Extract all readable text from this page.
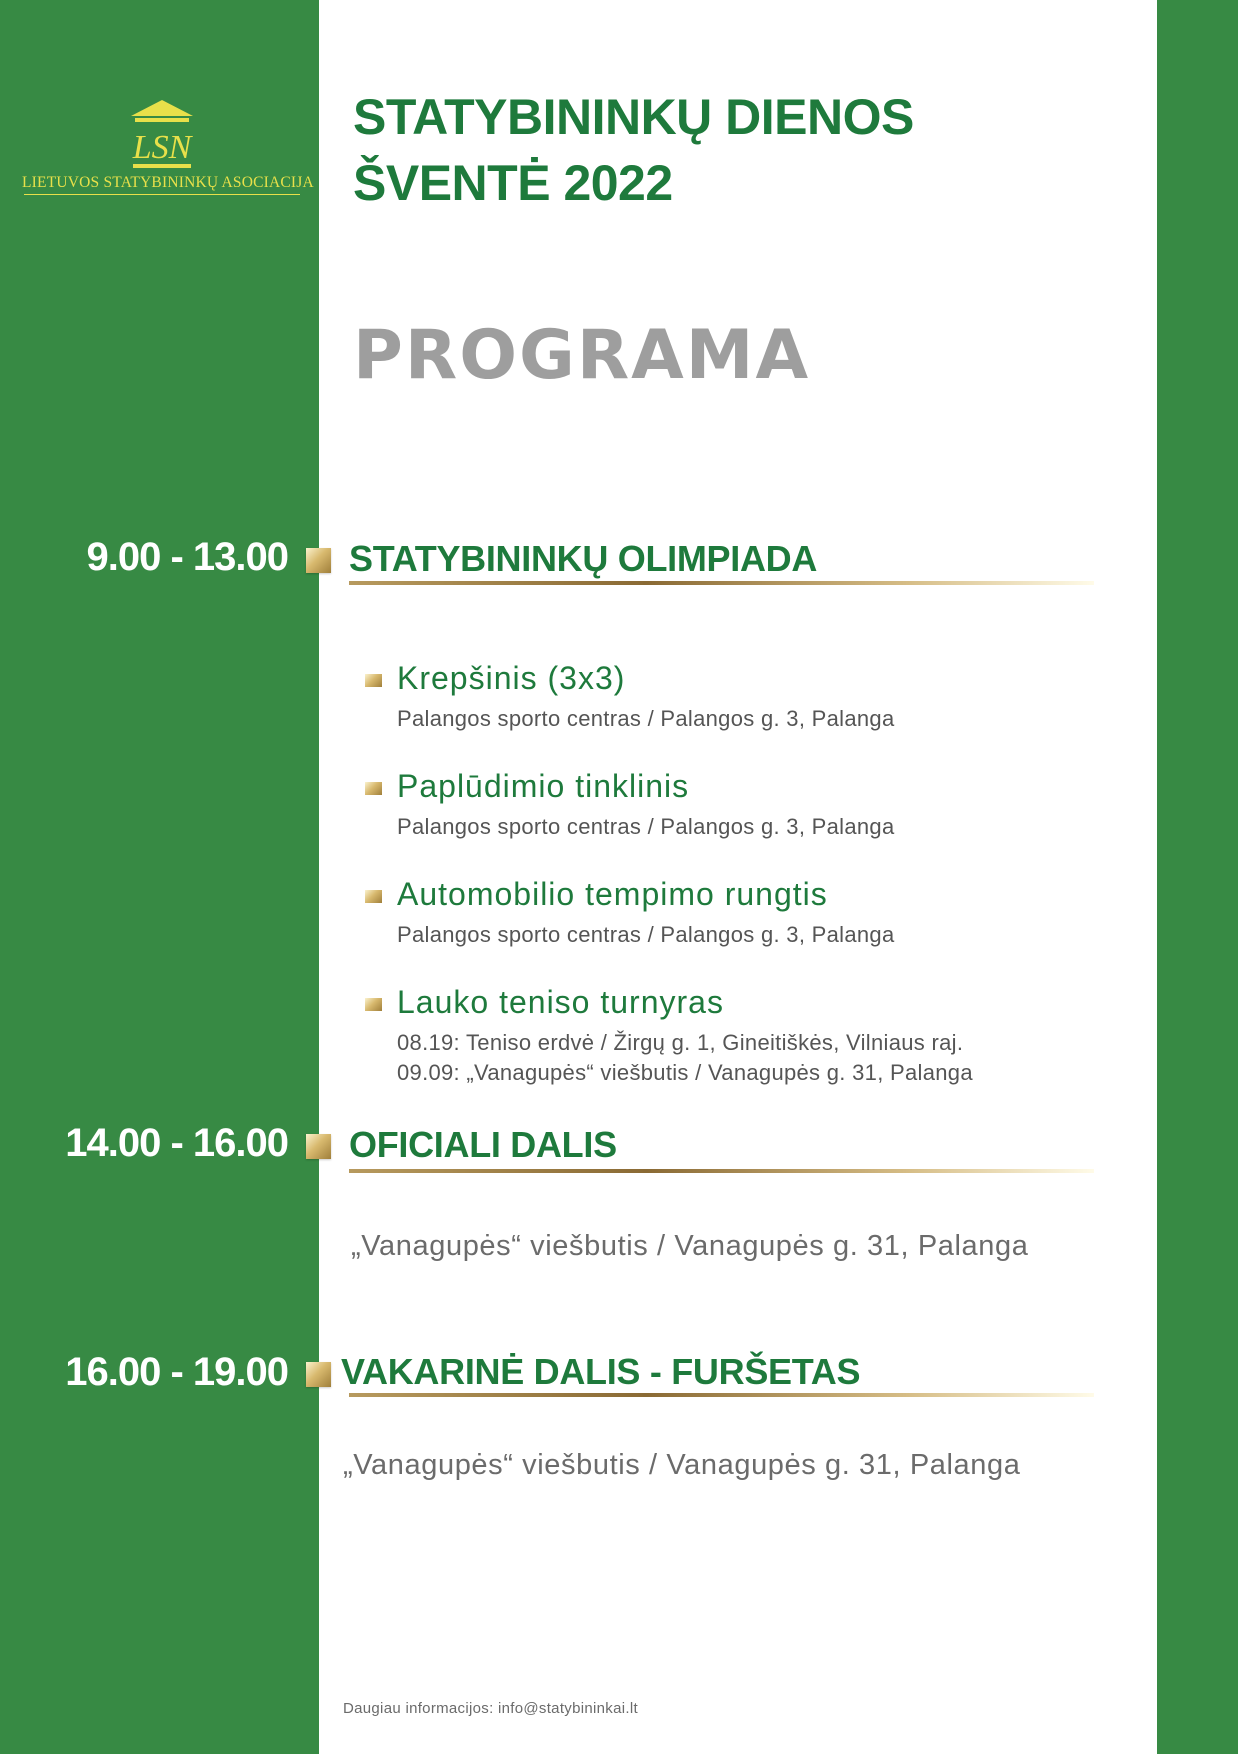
LSN
LIETUVOS STATYBININKŲ ASOCIACIJA
STATYBININKŲ DIENOS
ŠVENTĖ 2022
PROGRAMA
9.00 - 13.00 STATYBININKŲ OLIMPIADA
Krepšinis (3x3)
Palangos sporto centras / Palangos g. 3, Palanga
Paplūdimio tinklinis
Palangos sporto centras / Palangos g. 3, Palanga
Automobilio tempimo rungtis
Palangos sporto centras / Palangos g. 3, Palanga
Lauko teniso turnyras
08.19: Teniso erdvė / Žirgų g. 1, Gineitiškės, Vilniaus raj.
09.09: „Vanagupės“ viešbutis / Vanagupės g. 31, Palanga
14.00 - 16.00 OFICIALI DALIS
„Vanagupės“ viešbutis / Vanagupės g. 31, Palanga
16.00 - 19.00 VAKARINĖ DALIS - FURŠETAS
„Vanagupės“ viešbutis / Vanagupės g. 31, Palanga
Daugiau informacijos: info@statybininkai.lt
